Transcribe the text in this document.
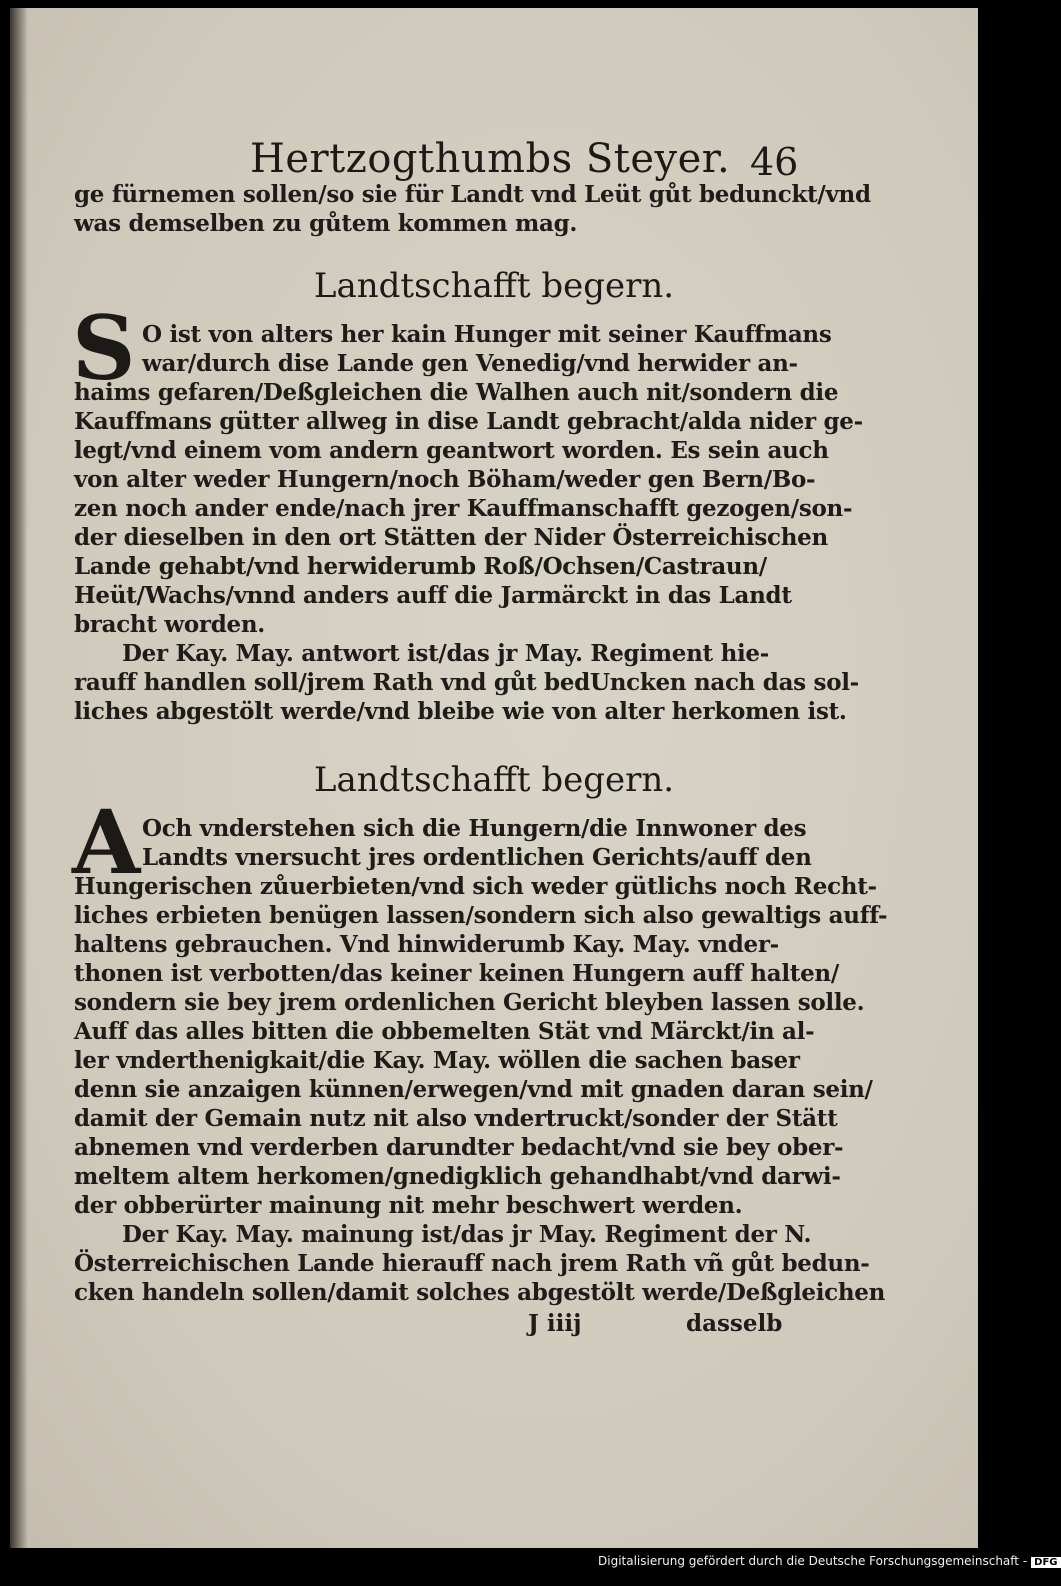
Hertzogthumbs Steyer. 46
ge fürnemen sollen/so sie für Landt vnd Leüt gůt bedunckt/vnd
was demselben zu gůtem kommen mag.
Landtschafft begern.
S O ist von alters her kain Hunger mit seiner Kauffmans
war/durch dise Lande gen Venedig/vnd herwider an-
haims gefaren/Deßgleichen die Walhen auch nit/sondern die
Kauffmans gütter allweg in dise Landt gebracht/alda nider ge-
legt/vnd einem vom andern geantwort worden. Es sein auch
von alter weder Hungern/noch Böham/weder gen Bern/Bo-
zen noch ander ende/nach jrer Kauffmanschafft gezogen/son-
der dieselben in den ort Stätten der Nider Österreichischen
Lande gehabt/vnd herwiderumb Roß/Ochsen/Castraun/
Heüt/Wachs/vnnd anders auff die Jarmärckt in das Landt
bracht worden.
Der Kay. May. antwort ist/das jr May. Regiment hie-
rauff handlen soll/jrem Rath vnd gůt bedUncken nach das sol-
liches abgestölt werde/vnd bleibe wie von alter herkomen ist.
Landtschafft begern.
A Och vnderstehen sich die Hungern/die Innwoner des
Landts vnersucht jres ordentlichen Gerichts/auff den
Hungerischen zůuerbieten/vnd sich weder gütlichs noch Recht-
liches erbieten benügen lassen/sondern sich also gewaltigs auff-
haltens gebrauchen. Vnd hinwiderumb Kay. May. vnder-
thonen ist verbotten/das keiner keinen Hungern auff halten/
sondern sie bey jrem ordenlichen Gericht bleyben lassen solle.
Auff das alles bitten die obbemelten Stät vnd Märckt/in al-
ler vnderthenigkait/die Kay. May. wöllen die sachen baser
denn sie anzaigen künnen/erwegen/vnd mit gnaden daran sein/
damit der Gemain nutz nit also vndertruckt/sonder der Stätt
abnemen vnd verderben darundter bedacht/vnd sie bey ober-
meltem altem herkomen/gnedigklich gehandhabt/vnd darwi-
der obberürter mainung nit mehr beschwert werden.
Der Kay. May. mainung ist/das jr May. Regiment der N.
Österreichischen Lande hierauff nach jrem Rath vñ gůt bedun-
cken handeln sollen/damit solches abgestölt werde/Deßgleichen
J iiij	dasselb
Digitalisierung gefördert durch die Deutsche Forschungsgemeinschaft - DFG
